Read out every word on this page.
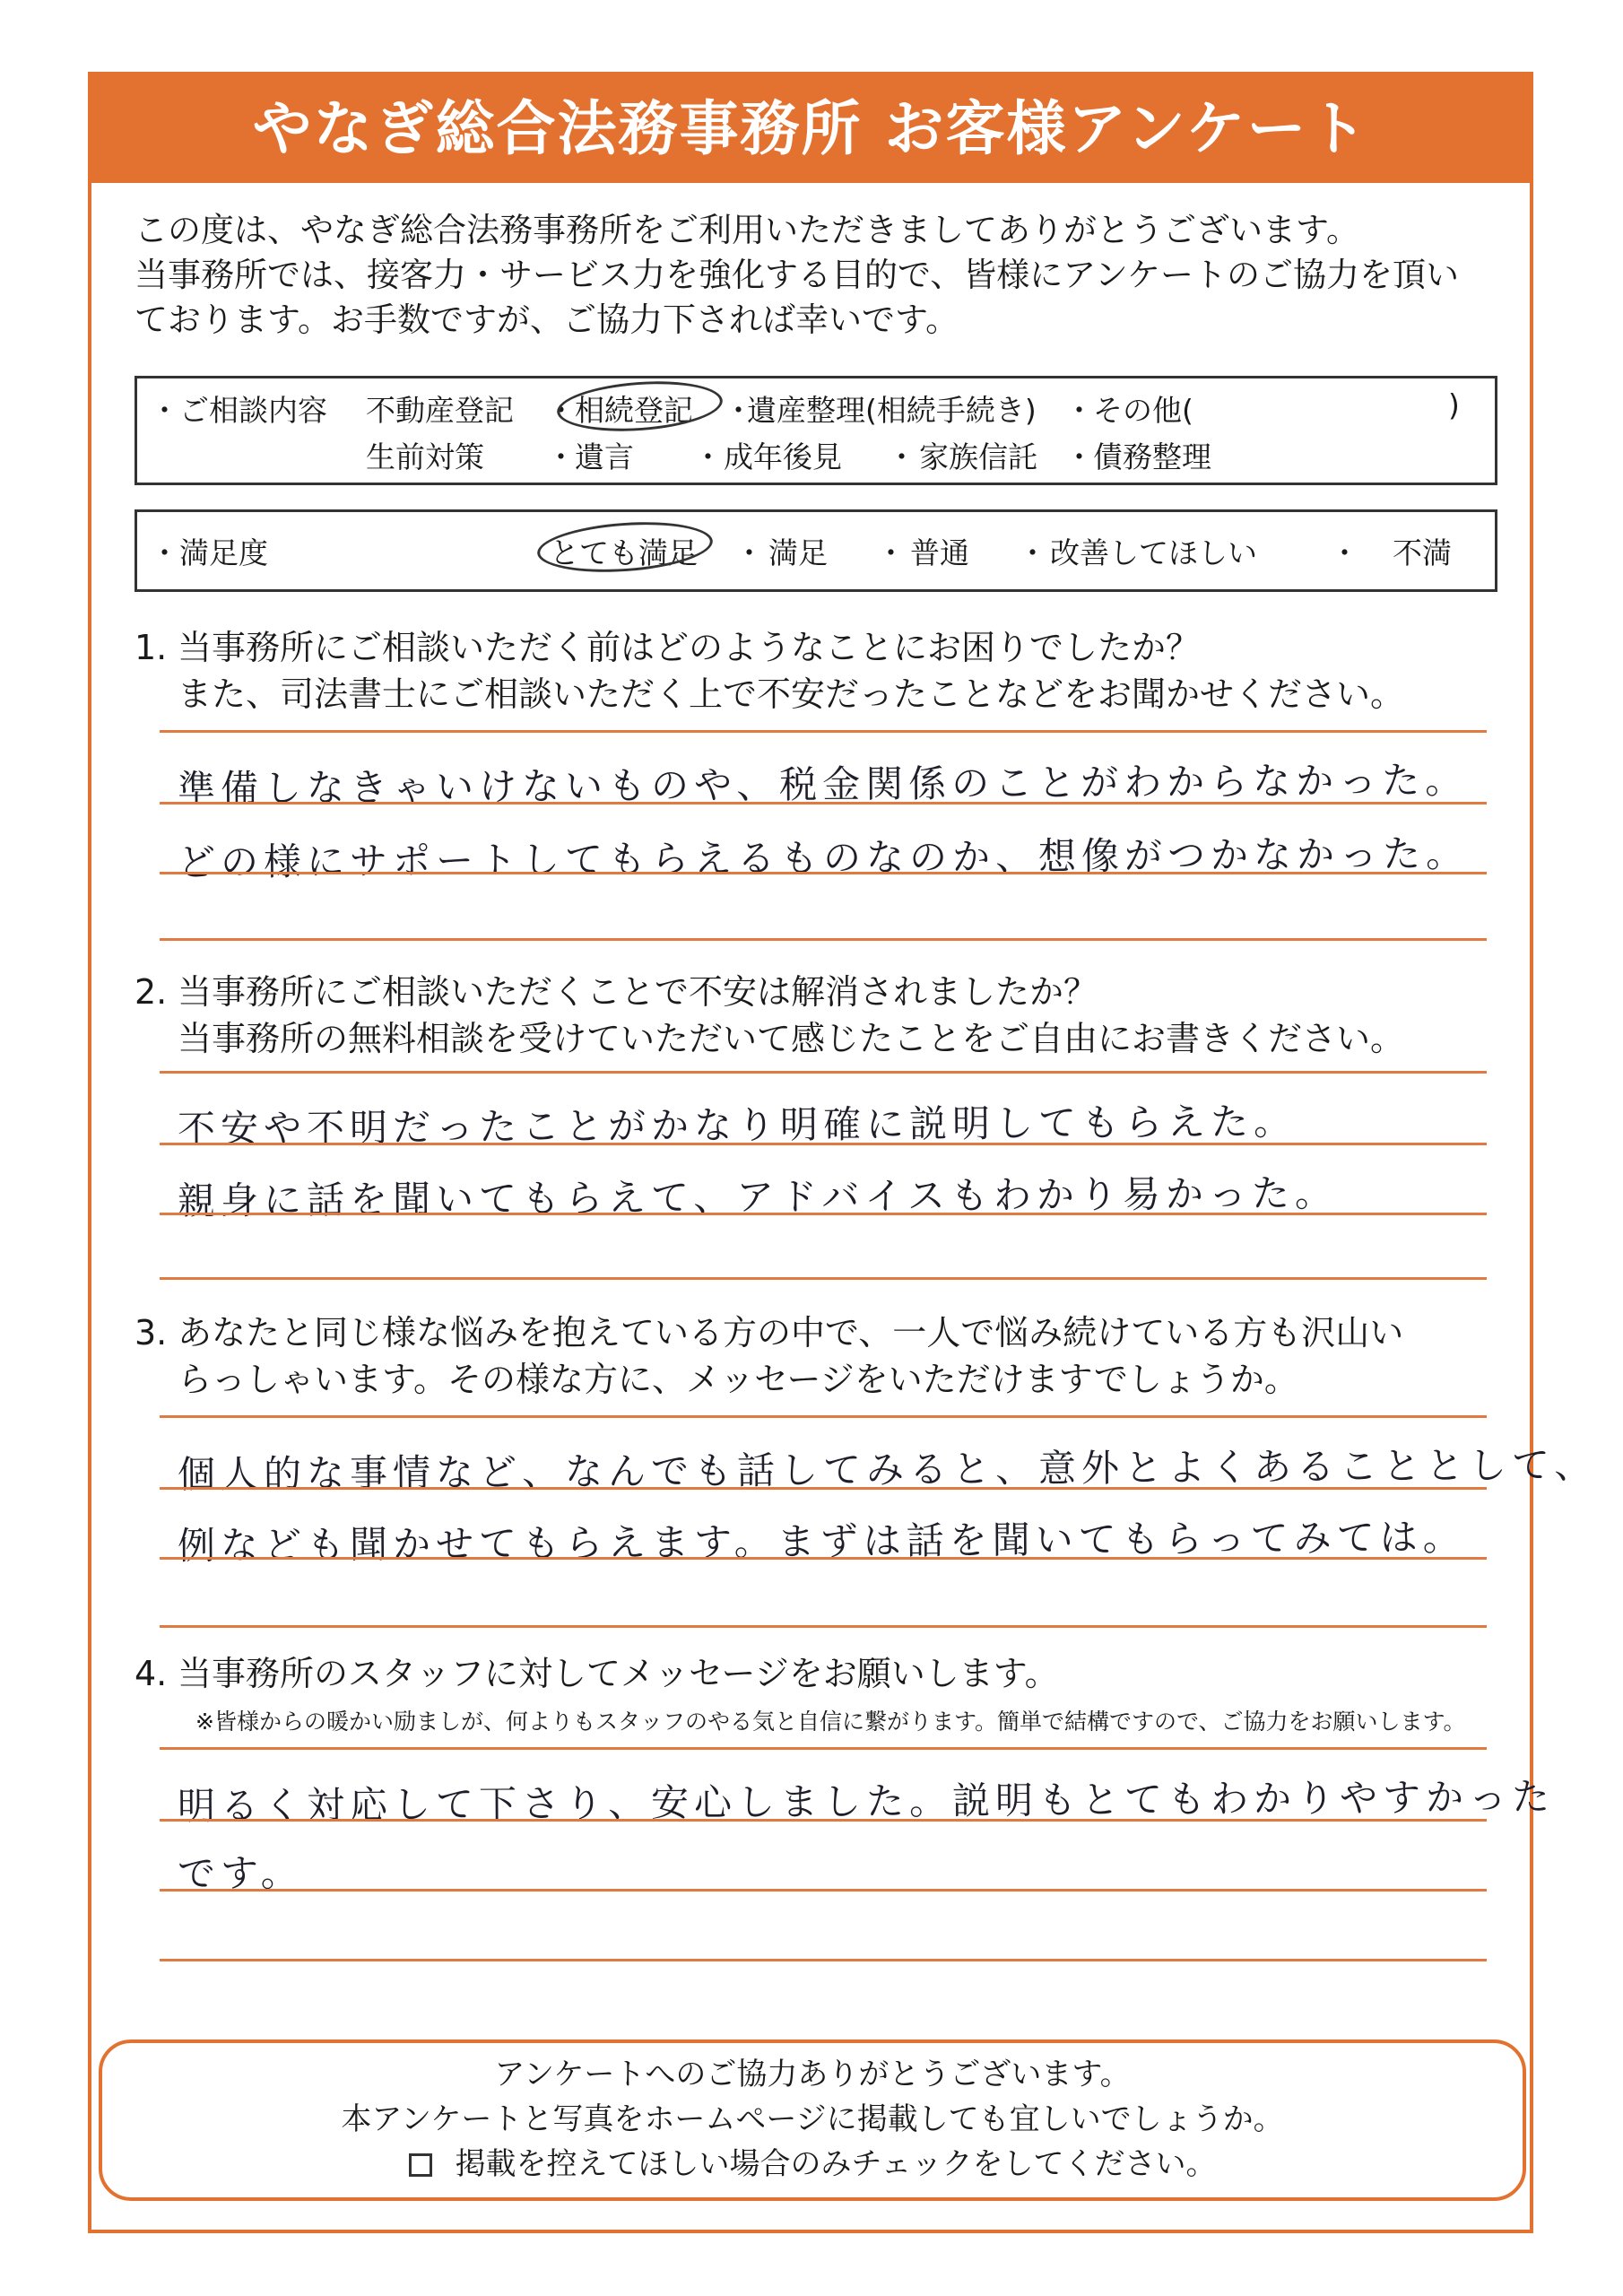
やなぎ総合法務事務所 お客様アンケート
この度は、やなぎ総合法務事務所をご利用いただきましてありがとうございます。
当事務所では、接客力・サービス力を強化する目的で、皆様にアンケートのご協力を頂い
ております。お手数ですが、ご協力下されば幸いです。
・ご相談内容 不動産登記 ・ 相続登記 ・
遺産整理(相続手続き) ・ その他(	)
生前対策 ・ 遺言 ・ 成年後見 ・ 家族信託 ・ 債務整理
・満足度	とても満足 ・ 満足 ・ 普通 ・ 改善してほしい ・ 不満
1. 当事務所にご相談いただく前はどのようなことにお困りでしたか？
また、司法書士にご相談いただく上で不安だったことなどをお聞かせください。
準備しなきゃいけないものや、税金関係のことがわからなかった。
どの様にサポートしてもらえるものなのか、想像がつかなかった。
2. 当事務所にご相談いただくことで不安は解消されましたか？
当事務所の無料相談を受けていただいて感じたことをご自由にお書きください。
不安や不明だったことがかなり明確に説明してもらえた。
親身に話を聞いてもらえて、アドバイスもわかり易かった。
3. あなたと同じ様な悩みを抱えている方の中で、一人で悩み続けている方も沢山い
らっしゃいます。その様な方に、メッセージをいただけますでしょうか。
個人的な事情など、なんでも話してみると、意外とよくあることとして、
例なども聞かせてもらえます。まずは話を聞いてもらってみては。
4. 当事務所のスタッフに対してメッセージをお願いします。
※皆様からの暖かい励ましが、何よりもスタッフのやる気と自信に繋がります。簡単で結構ですので、ご協力をお願いします。
明るく対応して下さり、安心しました。説明もとてもわかりやすかった
です。
アンケートへのご協力ありがとうございます。
本アンケートと写真をホームページに掲載しても宜しいでしょうか。
掲載を控えてほしい場合のみチェックをしてください。
